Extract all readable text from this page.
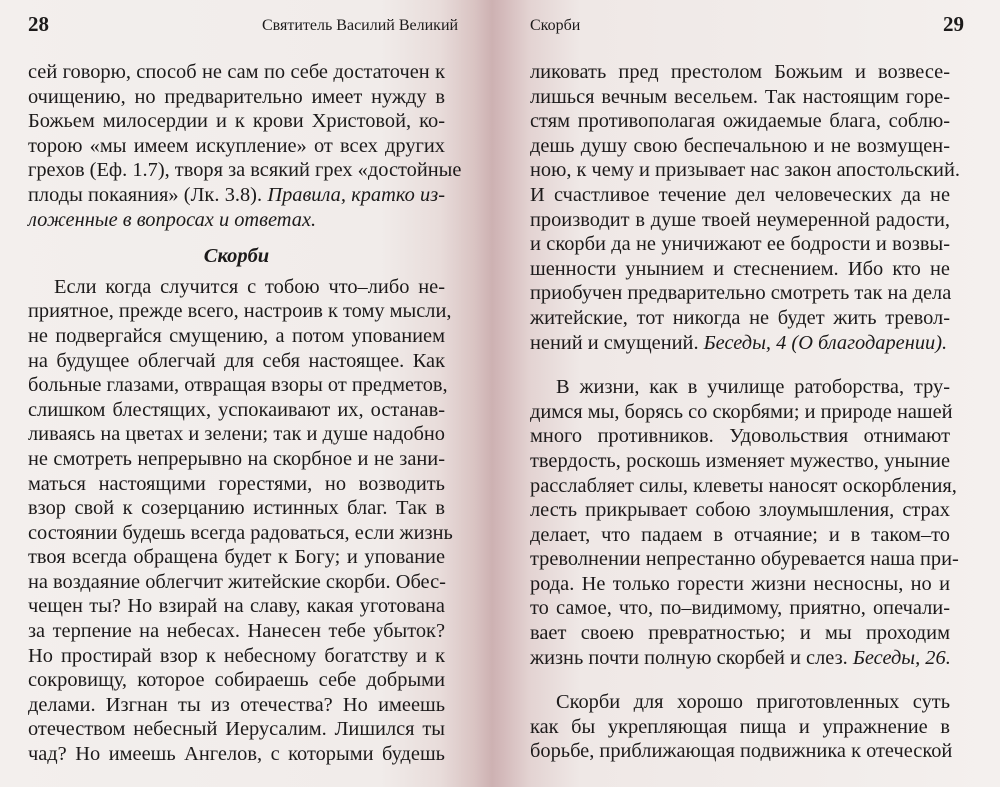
28	Святитель Василий Великий
сей говорю, способ не сам по себе достаточен к
очищению, но предварительно имеет нужду в
Божьем милосердии и к крови Христовой, ко-
торою «мы имеем искупление» от всех других
грехов (Еф. 1.7), творя за всякий грех «достойные
плоды покаяния» (Лк. 3.8). Правила, кратко из-
ложенные в вопросах и ответах.
Скорби
Если когда случится с тобою что–либо не-
приятное, прежде всего, настроив к тому мысли,
не подвергайся смущению, а потом упованием
на будущее облегчай для себя настоящее. Как
больные глазами, отвращая взоры от предметов,
слишком блестящих, успокаивают их, останав-
ливаясь на цветах и зелени; так и душе надобно
не смотреть непрерывно на скорбное и не зани-
маться настоящими горестями, но возводить
взор свой к созерцанию истинных благ. Так в
состоянии будешь всегда радоваться, если жизнь
твоя всегда обращена будет к Богу; и упование
на воздаяние облегчит житейские скорби. Обес-
чещен ты? Но взирай на славу, какая уготована
за терпение на небесах. Нанесен тебе убыток?
Но простирай взор к небесному богатству и к
сокровищу, которое собираешь себе добрыми
делами. Изгнан ты из отечества? Но имеешь
отечеством небесный Иерусалим. Лишился ты
чад? Но имеешь Ангелов, с которыми будешь
Скорби	29
ликовать пред престолом Божьим и возвесе-
лишься вечным весельем. Так настоящим горе-
стям противополагая ожидаемые блага, соблю-
дешь душу свою беспечальною и не возмущен-
ною, к чему и призывает нас закон апостольский.
И счастливое течение дел человеческих да не
производит в душе твоей неумеренной радости,
и скорби да не уничижают ее бодрости и возвы-
шенности унынием и стеснением. Ибо кто не
приобучен предварительно смотреть так на дела
житейские, тот никогда не будет жить тревол-
нений и смущений. Беседы, 4 (О благодарении).
В жизни, как в училище ратоборства, тру-
димся мы, борясь со скорбями; и природе нашей
много противников. Удовольствия отнимают
твердость, роскошь изменяет мужество, уныние
расслабляет силы, клеветы наносят оскорбления,
лесть прикрывает собою злоумышления, страх
делает, что падаем в отчаяние; и в таком–то
треволнении непрестанно обуревается наша при-
рода. Не только горести жизни несносны, но и
то самое, что, по–видимому, приятно, опечали-
вает своею превратностью; и мы проходим
жизнь почти полную скорбей и слез. Беседы, 26.
Скорби для хорошо приготовленных суть
как бы укрепляющая пища и упражнение в
борьбе, приближающая подвижника к отеческой
